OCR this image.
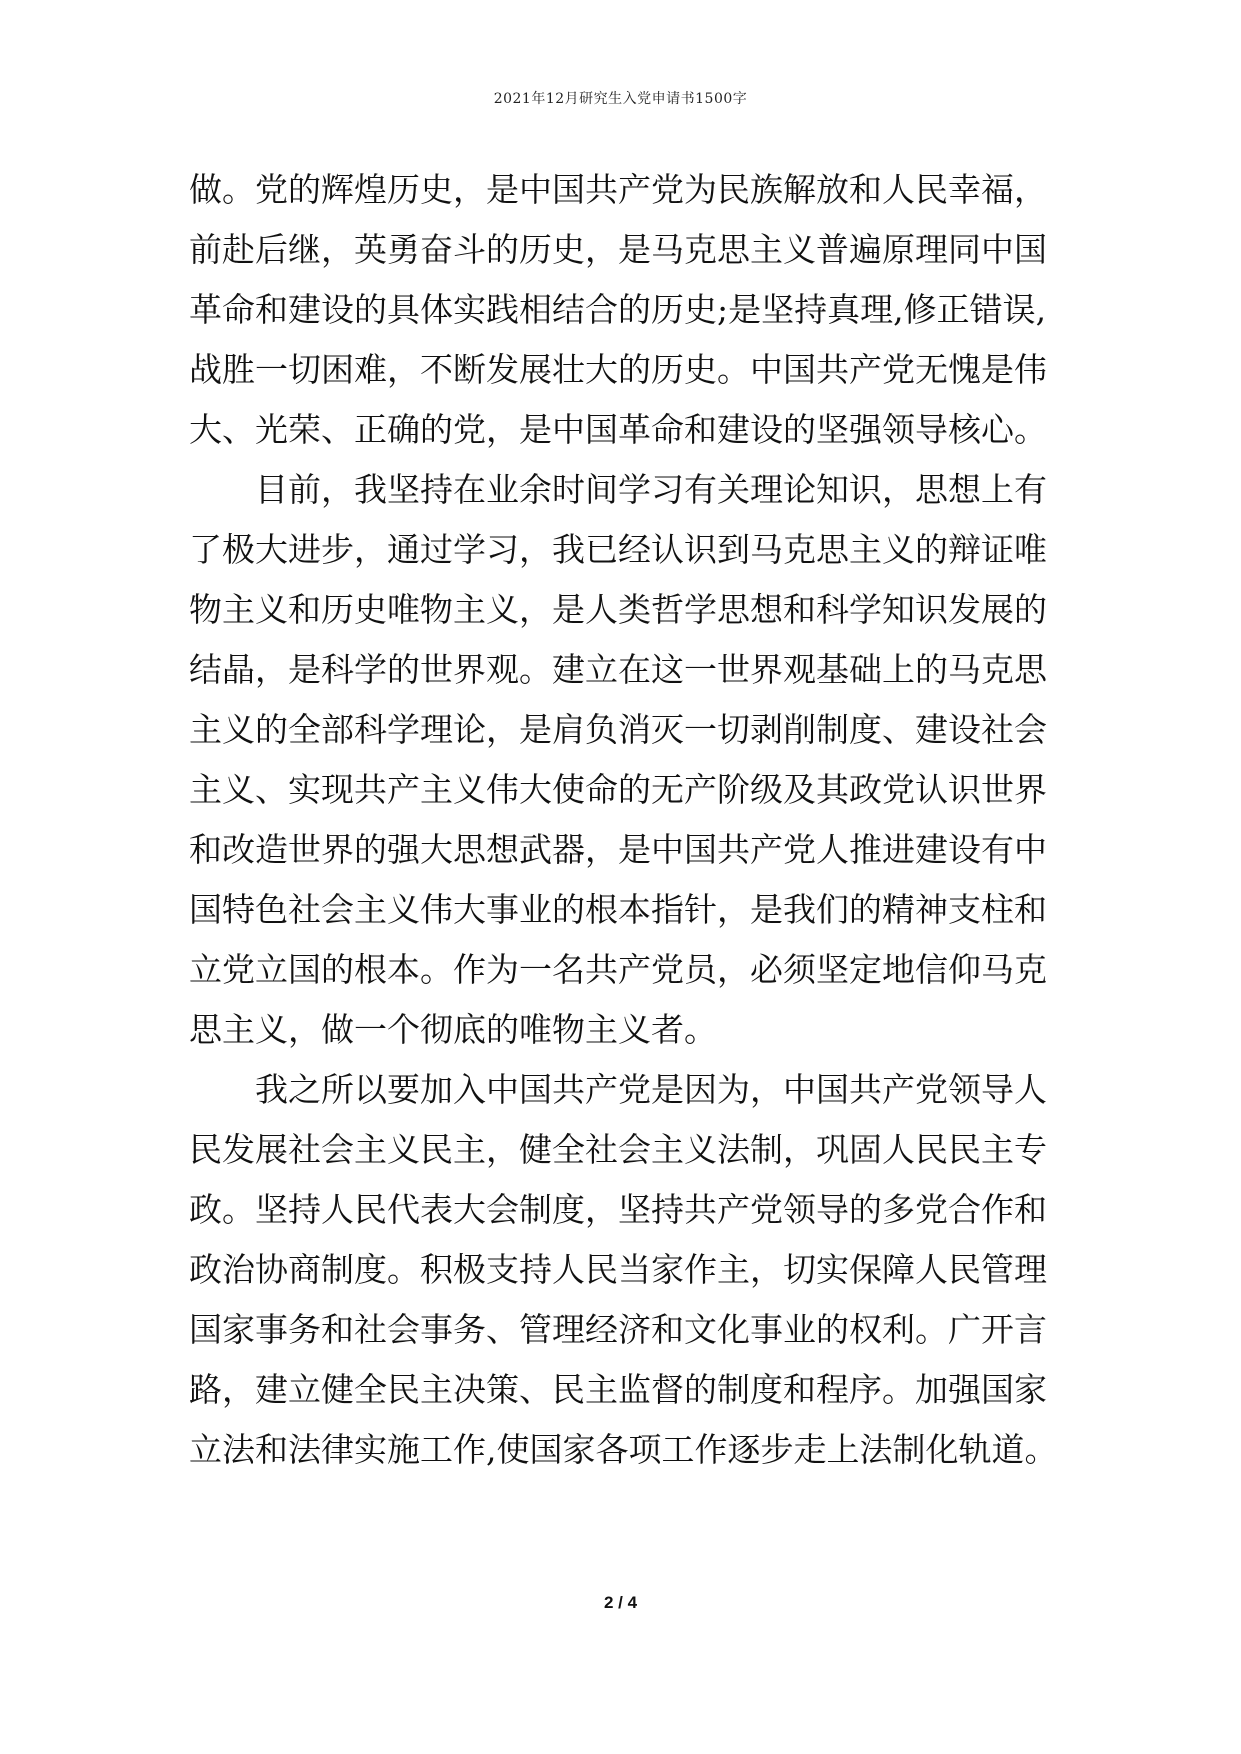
2021年12月研究生入党申请书1500字
做。党的辉煌历史，是中国共产党为民族解放和人民幸福，
前赴后继，英勇奋斗的历史，是马克思主义普遍原理同中国
革命和建设的具体实践相结合的历史;是坚持真理,修正错误,
战胜一切困难，不断发展壮大的历史。中国共产党无愧是伟
大、光荣、正确的党，是中国革命和建设的坚强领导核心。
目前，我坚持在业余时间学习有关理论知识，思想上有
了极大进步，通过学习，我已经认识到马克思主义的辩证唯
物主义和历史唯物主义，是人类哲学思想和科学知识发展的
结晶，是科学的世界观。建立在这一世界观基础上的马克思
主义的全部科学理论，是肩负消灭一切剥削制度、建设社会
主义、实现共产主义伟大使命的无产阶级及其政党认识世界
和改造世界的强大思想武器，是中国共产党人推进建设有中
国特色社会主义伟大事业的根本指针，是我们的精神支柱和
立党立国的根本。作为一名共产党员，必须坚定地信仰马克
思主义，做一个彻底的唯物主义者。
我之所以要加入中国共产党是因为，中国共产党领导人
民发展社会主义民主，健全社会主义法制，巩固人民民主专
政。坚持人民代表大会制度，坚持共产党领导的多党合作和
政治协商制度。积极支持人民当家作主，切实保障人民管理
国家事务和社会事务、管理经济和文化事业的权利。广开言
路，建立健全民主决策、民主监督的制度和程序。加强国家
立法和法律实施工作,使国家各项工作逐步走上法制化轨道。
2 / 4
